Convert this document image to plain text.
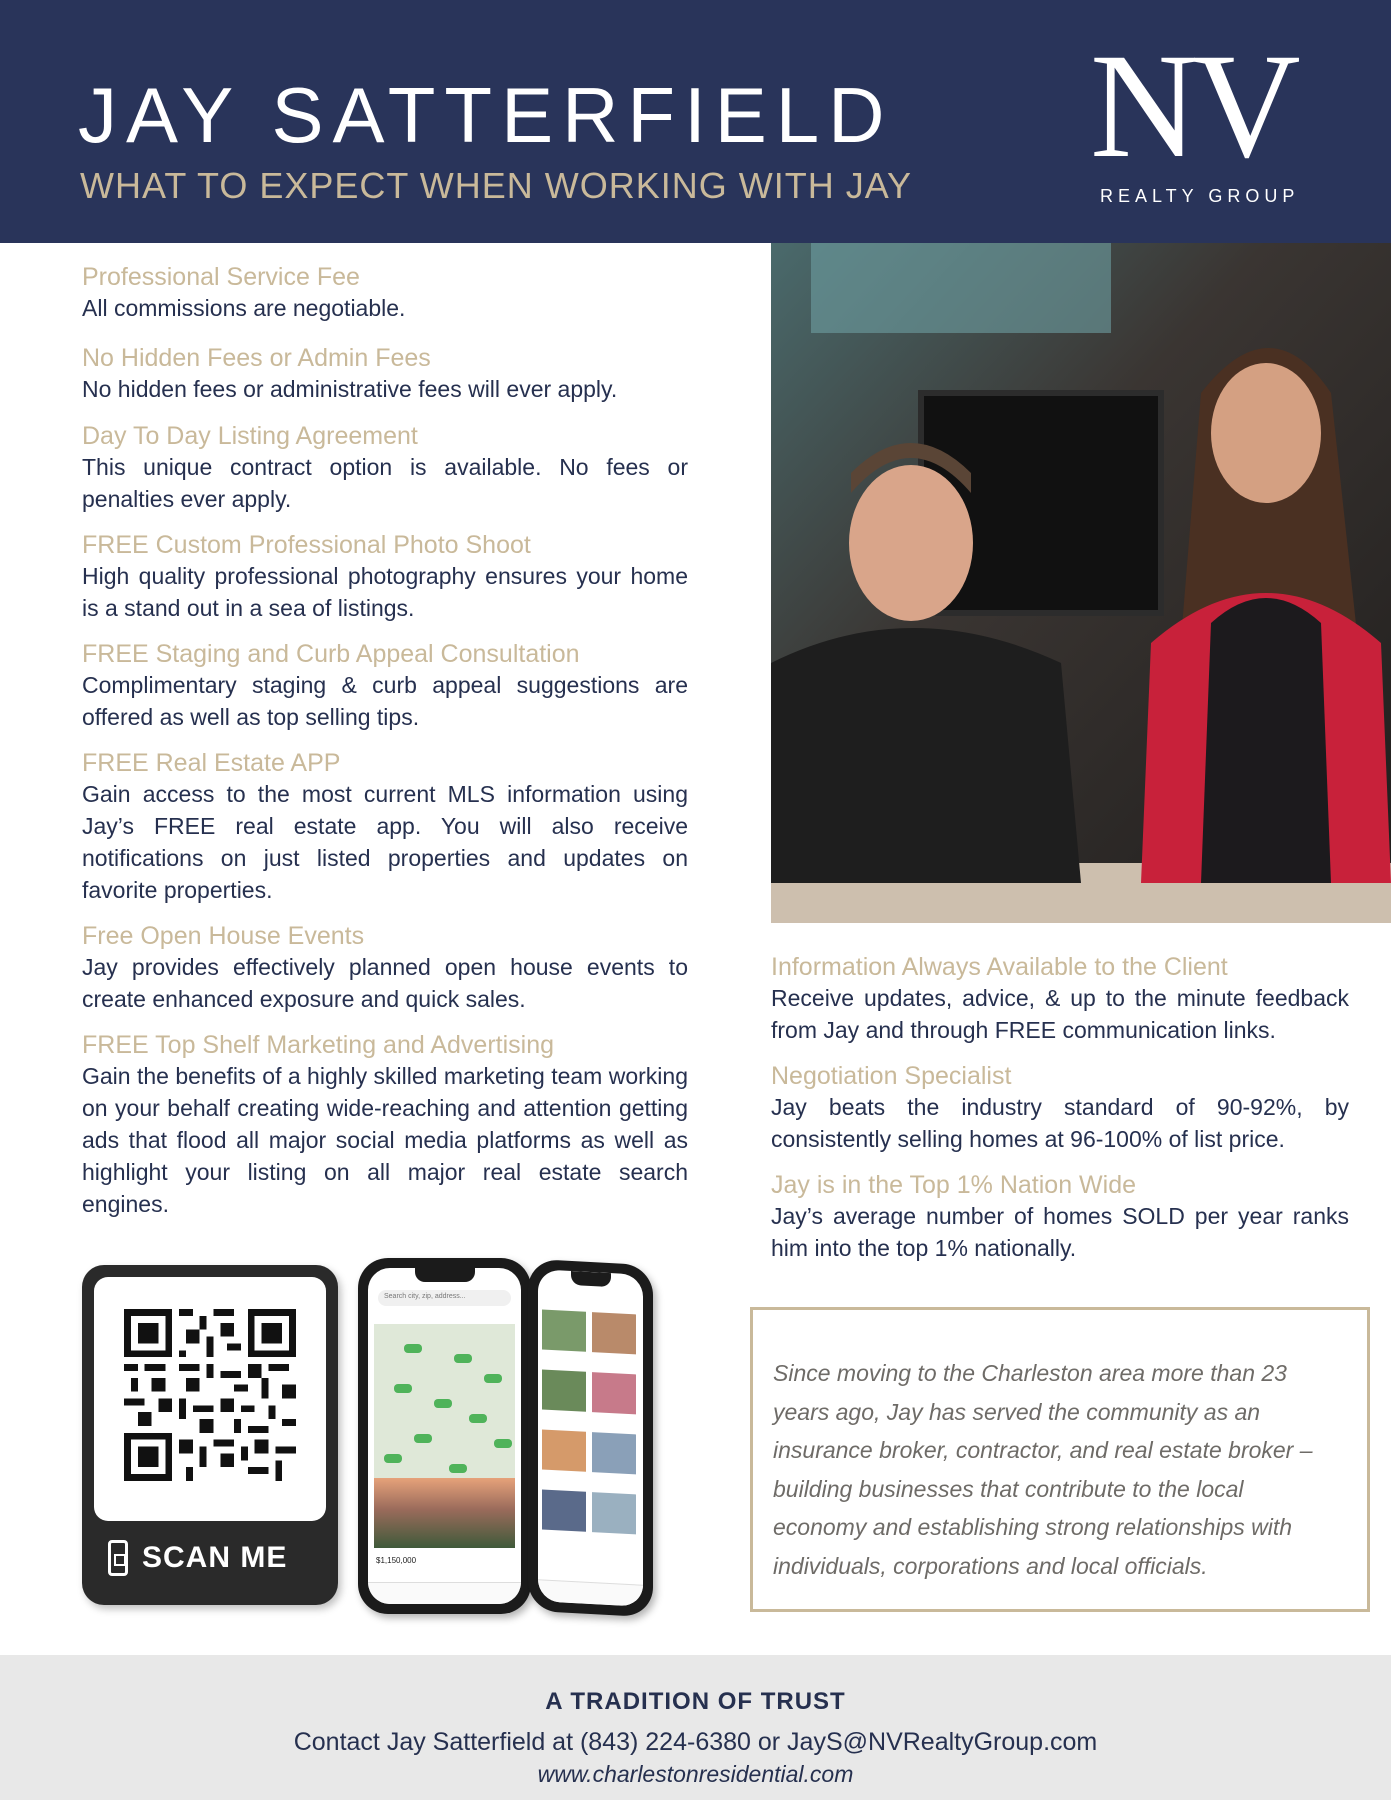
JAY SATTERFIELD
WHAT TO EXPECT WHEN WORKING WITH JAY NV
REALTY GROUP
Professional Service Fee

All commissions are negotiable.

No Hidden Fees or Admin Fees

No hidden fees or administrative fees will ever apply.

Day To Day Listing Agreement

This unique contract option is available. No fees or penalties ever apply.

FREE Custom Professional Photo Shoot

High quality professional photography ensures your home is a stand out in a sea of listings.

FREE Staging and Curb Appeal Consultation

Complimentary staging & curb appeal suggestions are offered as well as top selling tips.

FREE Real Estate APP

Gain access to the most current MLS information using Jay’s FREE real estate app. You will also receive notifications on just listed properties and updates on favorite properties.

Free Open House Events

Jay provides effectively planned open house events to create enhanced exposure and quick sales.

FREE Top Shelf Marketing and Advertising

Gain the benefits of a highly skilled marketing team working on your behalf creating wide-reaching and attention getting ads that flood all major social media platforms as well as highlight your listing on all major real estate search engines.

Information Always Available to the Client

Receive updates, advice, & up to the minute feedback from Jay and through FREE communication links.

Negotiation Specialist

Jay beats the industry standard of 90-92%, by consistently selling homes at 96-100% of list price.

Jay is in the Top 1% Nation Wide

Jay’s average number of homes SOLD per year ranks him into the top 1% nationally.

SCAN ME
Search city, zip, address...
$1,150,000

Since moving to the Charleston area more than 23 years ago, Jay has served the community as an insurance broker, contractor, and real estate broker – building businesses that contribute to the local economy and establishing strong relationships with individuals, corporations and local officials.

A TRADITION OF TRUST
Contact Jay Satterfield at (843) 224-6380 or JayS@NVRealtyGroup.com
www.charlestonresidential.com
